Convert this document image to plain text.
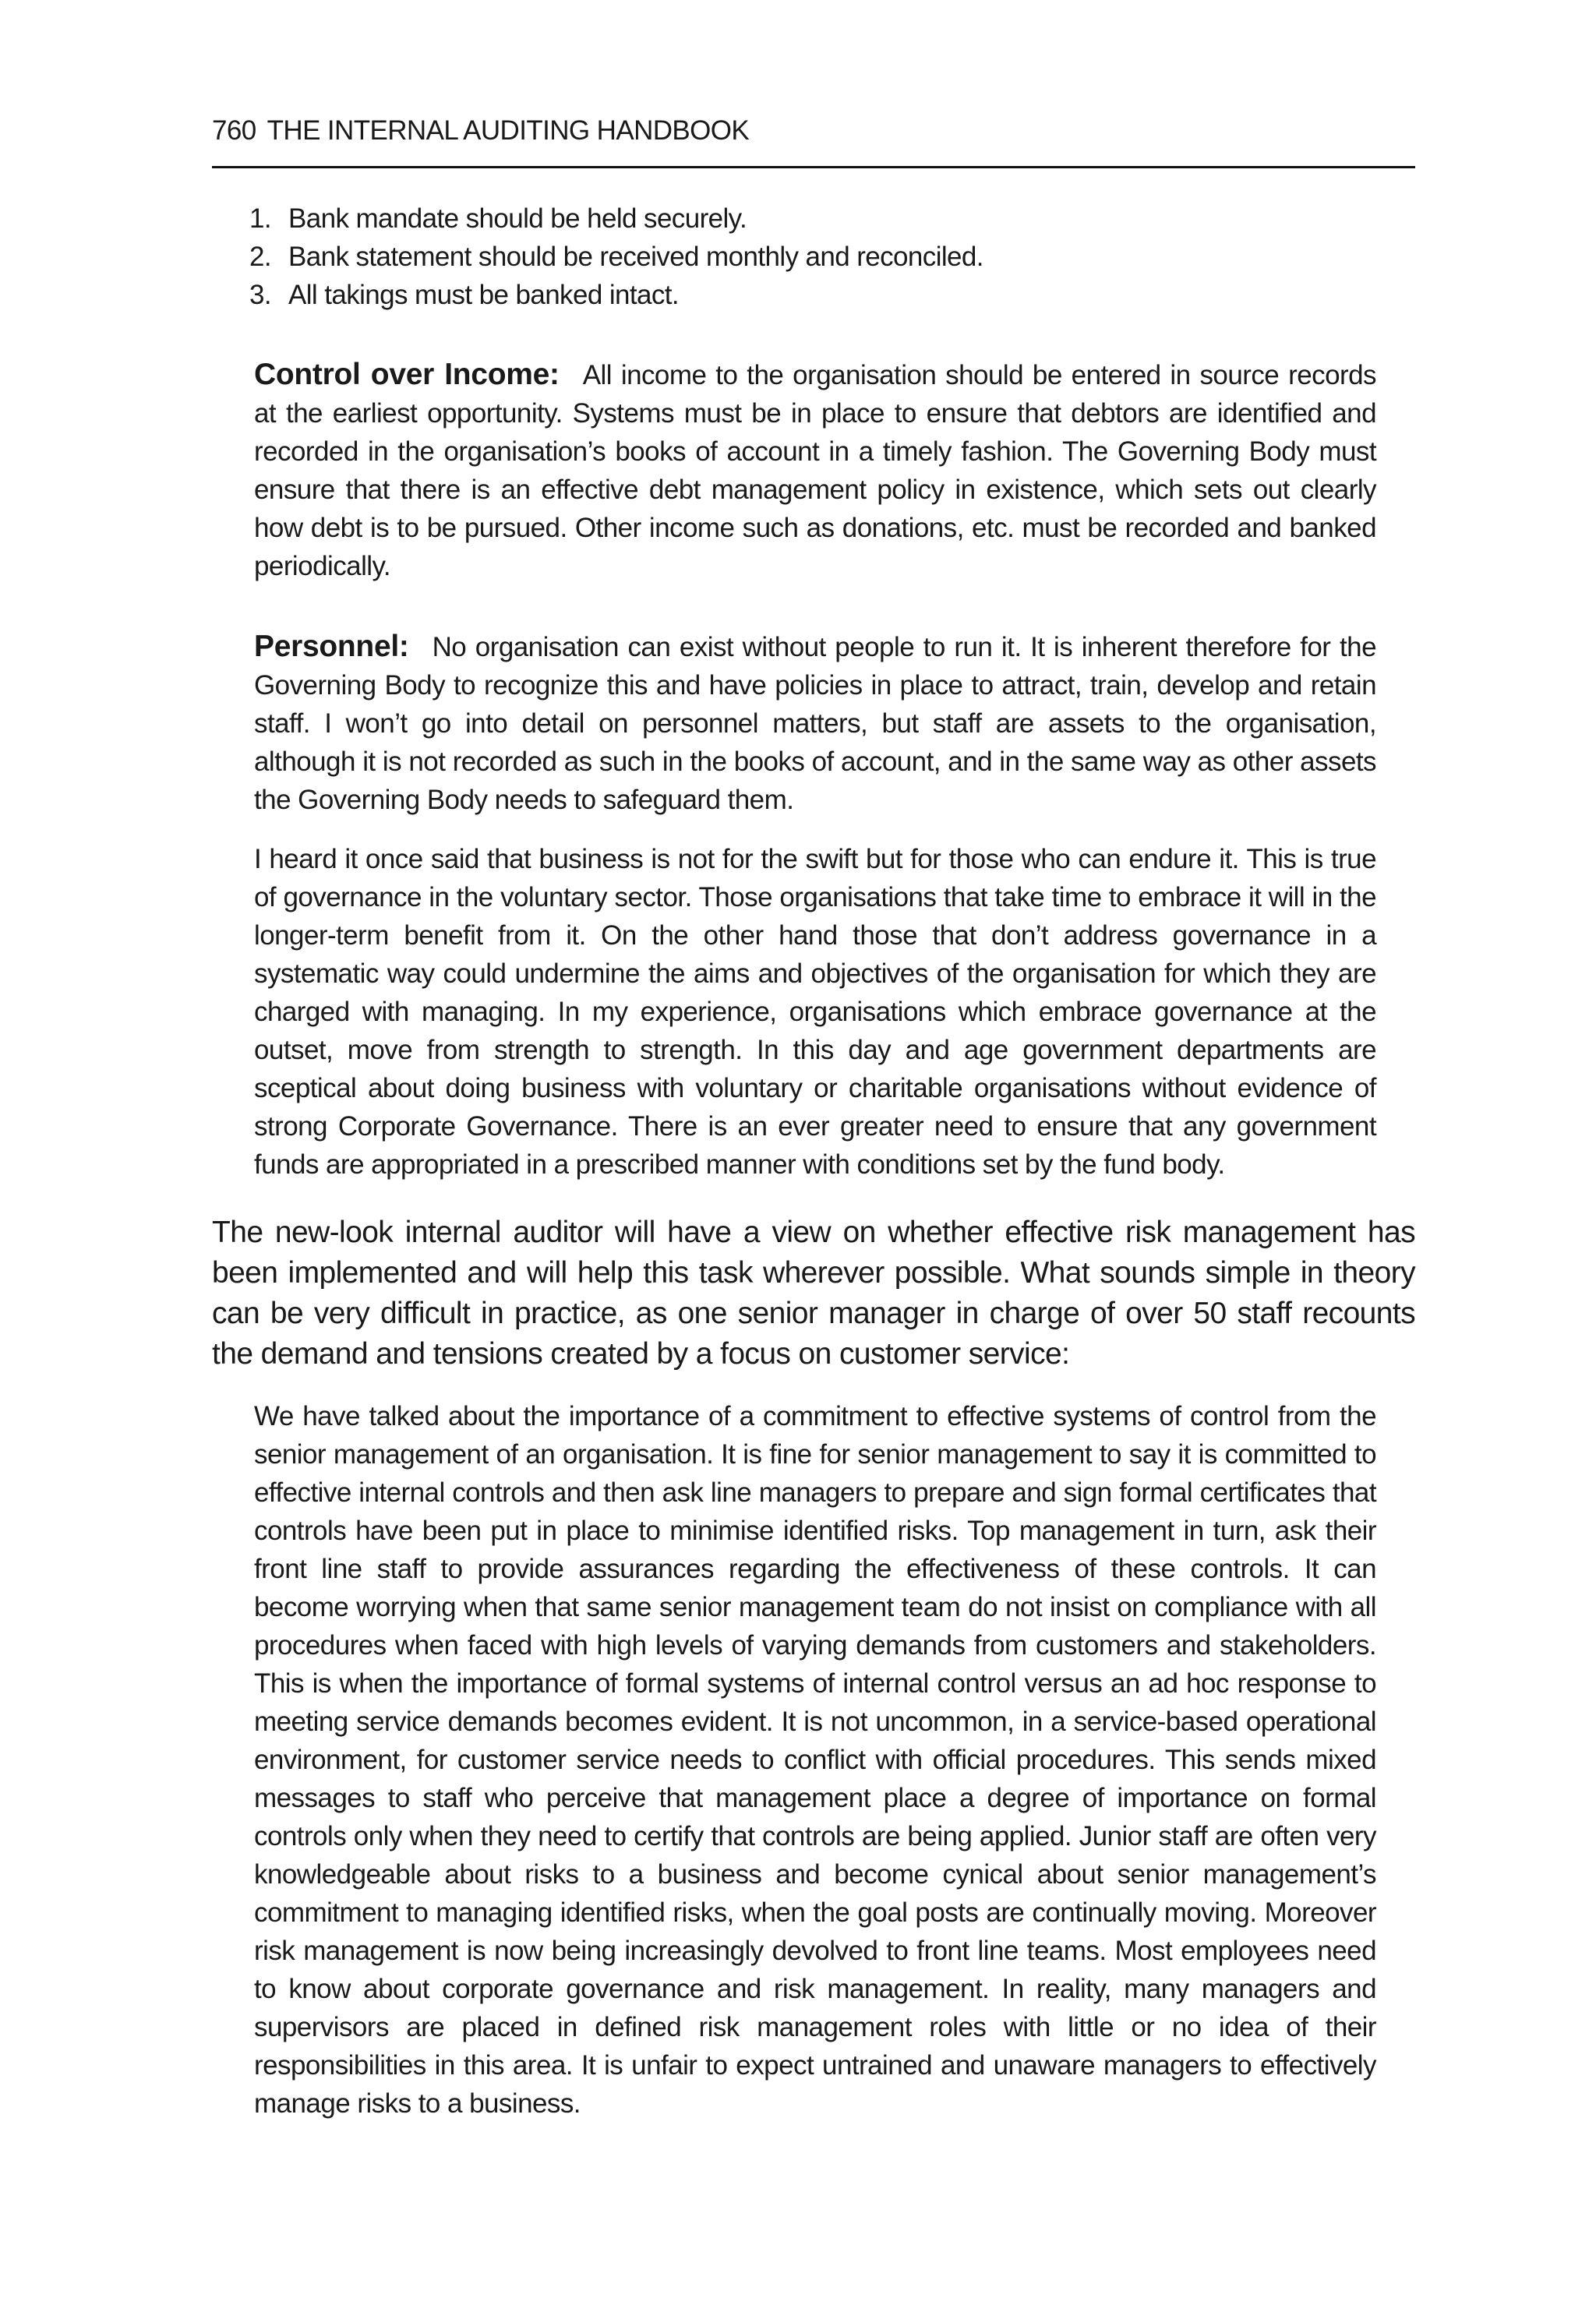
760 THE INTERNAL AUDITING HANDBOOK
1. Bank mandate should be held securely.
2. Bank statement should be received monthly and reconciled.
3. All takings must be banked intact.

Control over Income: All income to the organisation should be entered in source records at the earliest opportunity. Systems must be in place to ensure that debtors are identified and recorded in the organisation’s books of account in a timely fashion. The Governing Body must ensure that there is an effective debt management policy in existence, which sets out clearly how debt is to be pursued. Other income such as donations, etc. must be recorded and banked periodically.

Personnel: No organisation can exist without people to run it. It is inherent therefore for the Governing Body to recognize this and have policies in place to attract, train, develop and retain staff. I won’t go into detail on personnel matters, but staff are assets to the organisation, although it is not recorded as such in the books of account, and in the same way as other assets the Governing Body needs to safeguard them.

I heard it once said that business is not for the swift but for those who can endure it. This is true of governance in the voluntary sector. Those organisations that take time to embrace it will in the longer-term benefit from it. On the other hand those that don’t address governance in a systematic way could undermine the aims and objectives of the organisation for which they are charged with managing. In my experience, organisations which embrace governance at the outset, move from strength to strength. In this day and age government departments are sceptical about doing business with voluntary or charitable organisations without evidence of strong Corporate Governance. There is an ever greater need to ensure that any government funds are appropriated in a prescribed manner with conditions set by the fund body.

The new-look internal auditor will have a view on whether effective risk management has been implemented and will help this task wherever possible. What sounds simple in theory can be very difficult in practice, as one senior manager in charge of over 50 staff recounts the demand and tensions created by a focus on customer service:

We have talked about the importance of a commitment to effective systems of control from the senior management of an organisation. It is fine for senior management to say it is committed to effective internal controls and then ask line managers to prepare and sign formal certificates that controls have been put in place to minimise identified risks. Top management in turn, ask their front line staff to provide assurances regarding the effectiveness of these controls. It can become worrying when that same senior management team do not insist on compliance with all procedures when faced with high levels of varying demands from customers and stakeholders. This is when the importance of formal systems of internal control versus an ad hoc response to meeting service demands becomes evident. It is not uncommon, in a service-based operational environment, for customer service needs to conflict with official procedures. This sends mixed messages to staff who perceive that management place a degree of importance on formal controls only when they need to certify that controls are being applied. Junior staff are often very knowledgeable about risks to a business and become cynical about senior management’s commitment to managing identified risks, when the goal posts are continually moving. Moreover risk management is now being increasingly devolved to front line teams. Most employees need to know about corporate governance and risk management. In reality, many managers and supervisors are placed in defined risk management roles with little or no idea of their responsibilities in this area. It is unfair to expect untrained and unaware managers to effectively manage risks to a business.
